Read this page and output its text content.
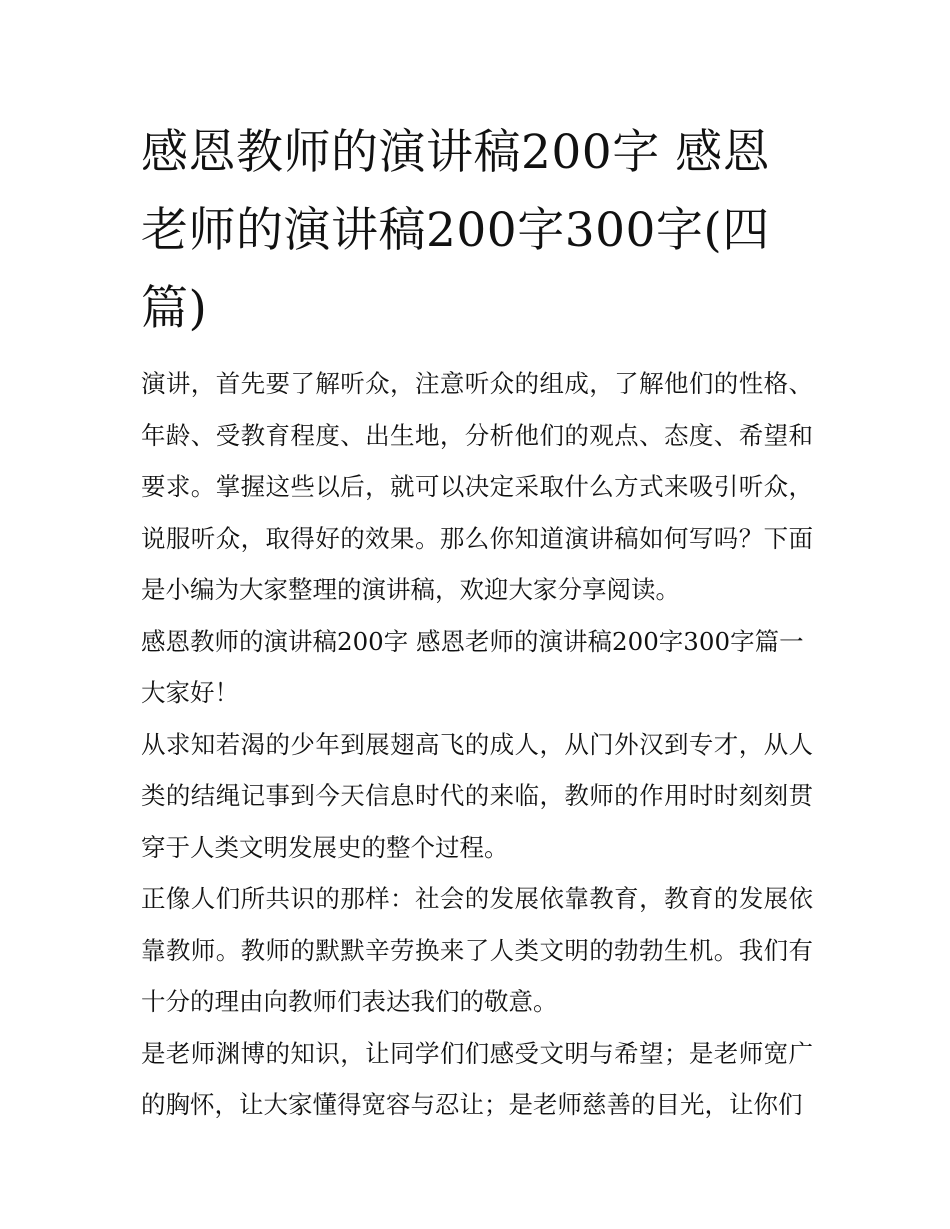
感恩教师的演讲稿200字 感恩老师的演讲稿200字300字(四篇)

演讲，首先要了解听众，注意听众的组成，了解他们的性格、年龄、受教育程度、出生地，分析他们的观点、态度、希望和要求。掌握这些以后，就可以决定采取什么方式来吸引听众，说服听众，取得好的效果。那么你知道演讲稿如何写吗？下面是小编为大家整理的演讲稿，欢迎大家分享阅读。

感恩教师的演讲稿200字 感恩老师的演讲稿200字300字篇一

大家好！

从求知若渴的少年到展翅高飞的成人，从门外汉到专才，从人类的结绳记事到今天信息时代的来临，教师的作用时时刻刻贯穿于人类文明发展史的整个过程。

正像人们所共识的那样：社会的发展依靠教育，教育的发展依靠教师。教师的默默辛劳换来了人类文明的勃勃生机。我们有十分的理由向教师们表达我们的敬意。

是老师渊博的知识，让同学们们感受文明与希望；是老师宽广的胸怀，让大家懂得宽容与忍让；是老师慈善的目光，让你们
